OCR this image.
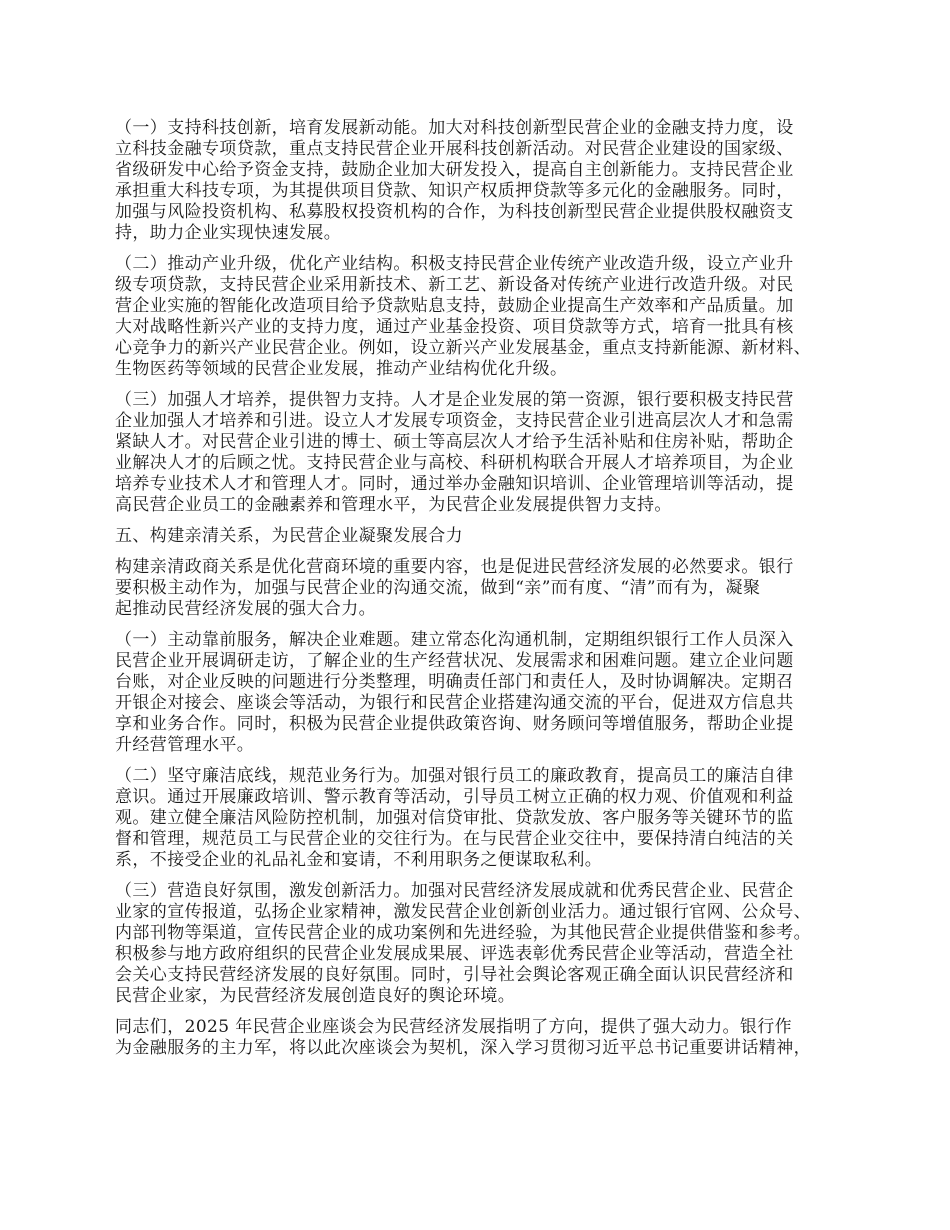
（一）支持科技创新，培育发展新动能。加大对科技创新型民营企业的金融支持力度，设
立科技金融专项贷款，重点支持民营企业开展科技创新活动。对民营企业建设的国家级、
省级研发中心给予资金支持，鼓励企业加大研发投入，提高自主创新能力。支持民营企业
承担重大科技专项，为其提供项目贷款、知识产权质押贷款等多元化的金融服务。同时，
加强与风险投资机构、私募股权投资机构的合作，为科技创新型民营企业提供股权融资支
持，助力企业实现快速发展。
（二）推动产业升级，优化产业结构。积极支持民营企业传统产业改造升级，设立产业升
级专项贷款，支持民营企业采用新技术、新工艺、新设备对传统产业进行改造升级。对民
营企业实施的智能化改造项目给予贷款贴息支持，鼓励企业提高生产效率和产品质量。加
大对战略性新兴产业的支持力度，通过产业基金投资、项目贷款等方式，培育一批具有核
心竞争力的新兴产业民营企业。例如，设立新兴产业发展基金，重点支持新能源、新材料、
生物医药等领域的民营企业发展，推动产业结构优化升级。
（三）加强人才培养，提供智力支持。人才是企业发展的第一资源，银行要积极支持民营
企业加强人才培养和引进。设立人才发展专项资金，支持民营企业引进高层次人才和急需
紧缺人才。对民营企业引进的博士、硕士等高层次人才给予生活补贴和住房补贴，帮助企
业解决人才的后顾之忧。支持民营企业与高校、科研机构联合开展人才培养项目，为企业
培养专业技术人才和管理人才。同时，通过举办金融知识培训、企业管理培训等活动，提
高民营企业员工的金融素养和管理水平，为民营企业发展提供智力支持。
五、构建亲清关系，为民营企业凝聚发展合力
构建亲清政商关系是优化营商环境的重要内容，也是促进民营经济发展的必然要求。银行
要积极主动作为，加强与民营企业的沟通交流，做到“亲”而有度、“清”而有为，凝聚
起推动民营经济发展的强大合力。
（一）主动靠前服务，解决企业难题。建立常态化沟通机制，定期组织银行工作人员深入
民营企业开展调研走访，了解企业的生产经营状况、发展需求和困难问题。建立企业问题
台账，对企业反映的问题进行分类整理，明确责任部门和责任人，及时协调解决。定期召
开银企对接会、座谈会等活动，为银行和民营企业搭建沟通交流的平台，促进双方信息共
享和业务合作。同时，积极为民营企业提供政策咨询、财务顾问等增值服务，帮助企业提
升经营管理水平。
（二）坚守廉洁底线，规范业务行为。加强对银行员工的廉政教育，提高员工的廉洁自律
意识。通过开展廉政培训、警示教育等活动，引导员工树立正确的权力观、价值观和利益
观。建立健全廉洁风险防控机制，加强对信贷审批、贷款发放、客户服务等关键环节的监
督和管理，规范员工与民营企业的交往行为。在与民营企业交往中，要保持清白纯洁的关
系，不接受企业的礼品礼金和宴请，不利用职务之便谋取私利。
（三）营造良好氛围，激发创新活力。加强对民营经济发展成就和优秀民营企业、民营企
业家的宣传报道，弘扬企业家精神，激发民营企业创新创业活力。通过银行官网、公众号、
内部刊物等渠道，宣传民营企业的成功案例和先进经验，为其他民营企业提供借鉴和参考。
积极参与地方政府组织的民营企业发展成果展、评选表彰优秀民营企业等活动，营造全社
会关心支持民营经济发展的良好氛围。同时，引导社会舆论客观正确全面认识民营经济和
民营企业家，为民营经济发展创造良好的舆论环境。
同志们，2025 年民营企业座谈会为民营经济发展指明了方向，提供了强大动力。银行作
为金融服务的主力军，将以此次座谈会为契机，深入学习贯彻习近平总书记重要讲话精神，
